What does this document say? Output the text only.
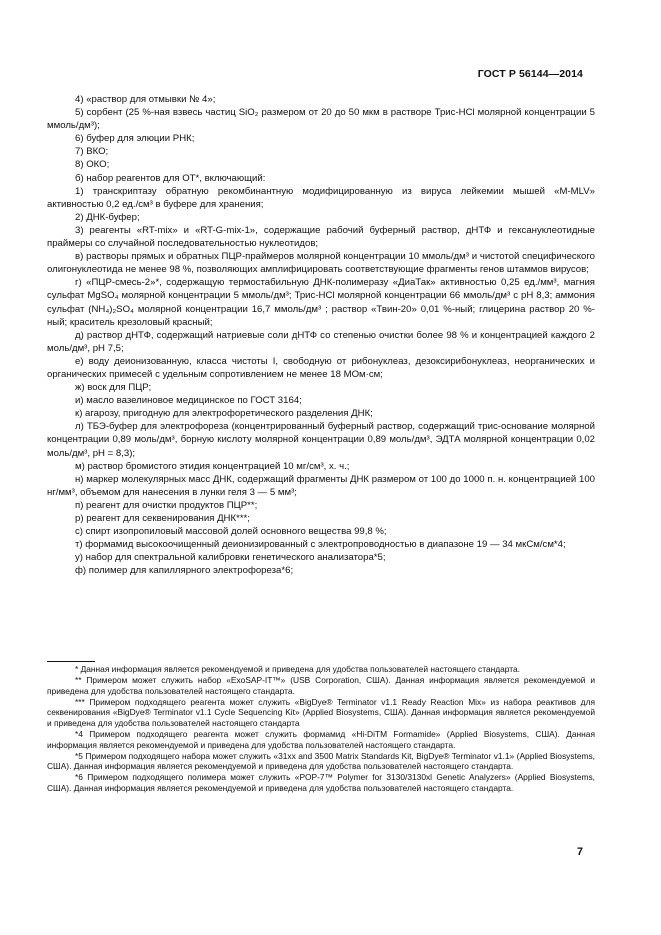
ГОСТ Р 56144—2014

4) «раствор для отмывки № 4»;

5) сорбент (25 %-ная взвесь частиц SiO₂ размером от 20 до 50 мкм в растворе Трис-HCl молярной концентрации 5 ммоль/дм³);

6) буфер для элюции РНК;

7) ВКО;

8) ОКО;

б) набор реагентов для ОТ*, включающий:

1) транскриптазу обратную рекомбинантную модифицированную из вируса лейкемии мышей «M-MLV» активностью 0,2 ед./см³ в буфере для хранения;

2) ДНК-буфер;

3) реагенты «RT-mix» и «RT-G-mix-1», содержащие рабочий буферный раствор, дНТФ и гексануклеотидные праймеры со случайной последовательностью нуклеотидов;

в) растворы прямых и обратных ПЦР-праймеров молярной концентрации 10 ммоль/дм³ и чистотой специфического олигонуклеотида не менее 98 %, позволяющих амплифицировать соответствующие фрагменты генов штаммов вирусов;

г) «ПЦР-смесь-2»*, содержащую термостабильную ДНК-полимеразу «ДиаТак» активностью 0,25 ед./мм³, магния сульфат MgSO₄ молярной концентрации 5 ммоль/дм³; Трис-HCl молярной концентрации 66 ммоль/дм³ с pH 8,3; аммония сульфат (NH₄)₂SO₄ молярной концентрации 16,7 ммоль/дм³ ; раствор «Твин-20» 0,01 %-ный; глицерина раствор 20 %-ный; краситель крезоловый красный;

д) раствор дНТФ, содержащий натриевые соли дНТФ со степенью очистки более 98 % и концентрацией каждого 2 моль/дм³, pH 7,5;

е) воду деионизованную, класса чистоты I, свободную от рибонуклеаз, дезоксирибонуклеаз, неорганических и органических примесей с удельным сопротивлением не менее 18 МОм·см;

ж) воск для ПЦР;

и) масло вазелиновое медицинское по ГОСТ 3164;

к) агарозу, пригодную для электрофоретического разделения ДНК;

л) ТБЭ-буфер для электрофореза (концентрированный буферный раствор, содержащий трис-основание молярной концентрации 0,89 моль/дм³, борную кислоту молярной концентрации 0,89 моль/дм³, ЭДТА молярной концентрации 0,02 моль/дм³, pH = 8,3);

м) раствор бромистого этидия концентрацией 10 мг/см³, х. ч.;

н) маркер молекулярных масс ДНК, содержащий фрагменты ДНК размером от 100 до 1000 п. н. концентрацией 100 нг/мм³, объемом для нанесения в лунки геля 3 — 5 мм³;

п) реагент для очистки продуктов ПЦР**;

р) реагент для секвенирования ДНК***;

с) спирт изопропиловый массовой долей основного вещества 99,8 %;

т) формамид высокоочищенный деионизированный с электропроводностью в диапазоне 19 — 34 мкСм/см*4;

у) набор для спектральной калибровки генетического анализатора*5;

ф) полимер для капиллярного электрофореза*6;

* Данная информация является рекомендуемой и приведена для удобства пользователей настоящего стандарта.

** Примером может служить набор «ExoSAP-IT™» (USB Corporation, США). Данная информация является рекомендуемой и приведена для удобства пользователей настоящего стандарта.

*** Примером подходящего реагента может служить «BigDye® Terminator v1.1 Ready Reaction Mix» из набора реактивов для секвенирования «BigDye® Terminator v1.1 Cycle Sequencing Kit» (Applied Biosystems, США). Данная информация является рекомендуемой и приведена для удобства пользователей настоящего стандарта

*4 Примером подходящего реагента может служить формамид «Hi-DiTM Formamide» (Applied Biosystems, США). Данная информация является рекомендуемой и приведена для удобства пользователей настоящего стандарта.

*5 Примером подходящего набора может служить «31xx and 3500 Matrix Standards Kit, BigDye® Terminator v1.1» (Applied Biosystems, США). Данная информация является рекомендуемой и приведена для удобства пользователей настоящего стандарта.

*6 Примером подходящего полимера может служить «POP-7™ Polymer for 3130/3130xl Genetic Analyzers» (Applied Biosystems, США). Данная информация является рекомендуемой и приведена для удобства пользователей настоящего стандарта.

7
